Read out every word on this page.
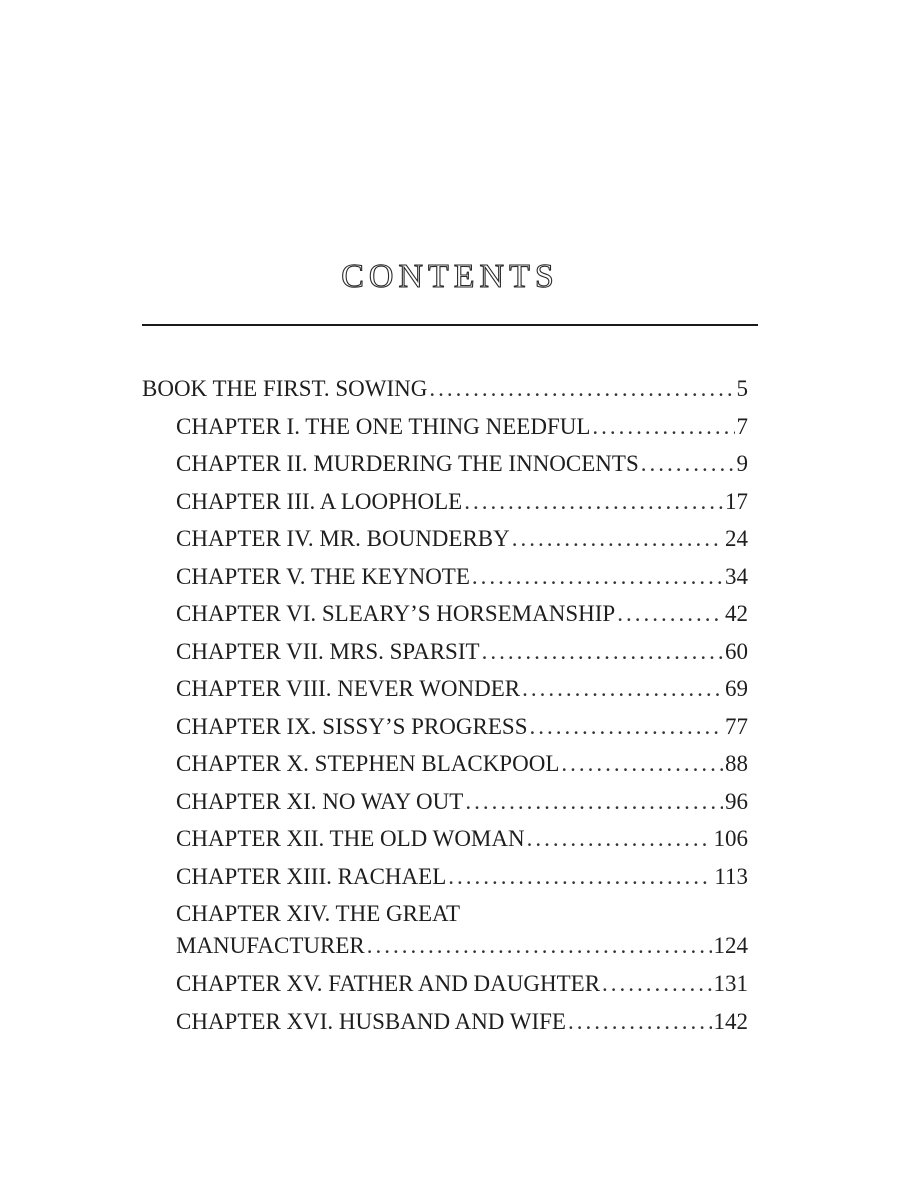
CONTENTS
BOOK THE FIRST. SOWING .....	5
CHAPTER I. THE ONE THING NEEDFUL .....	7
CHAPTER II. MURDERING THE INNOCENTS .....	9
CHAPTER III. A LOOPHOLE .....	17
CHAPTER IV. MR. BOUNDERBY .....	24
CHAPTER V. THE KEYNOTE .....	34
CHAPTER VI. SLEARY’S HORSEMANSHIP .....	42
CHAPTER VII. MRS. SPARSIT .....	60
CHAPTER VIII. NEVER WONDER .....	69
CHAPTER IX. SISSY’S PROGRESS .....	77
CHAPTER X. STEPHEN BLACKPOOL .....	88
CHAPTER XI. NO WAY OUT .....	96
CHAPTER XII. THE OLD WOMAN .....	106
CHAPTER XIII. RACHAEL .....	113
CHAPTER XIV. THE GREAT
MANUFACTURER .....	124
CHAPTER XV. FATHER AND DAUGHTER .....	131
CHAPTER XVI. HUSBAND AND WIFE .....	142
